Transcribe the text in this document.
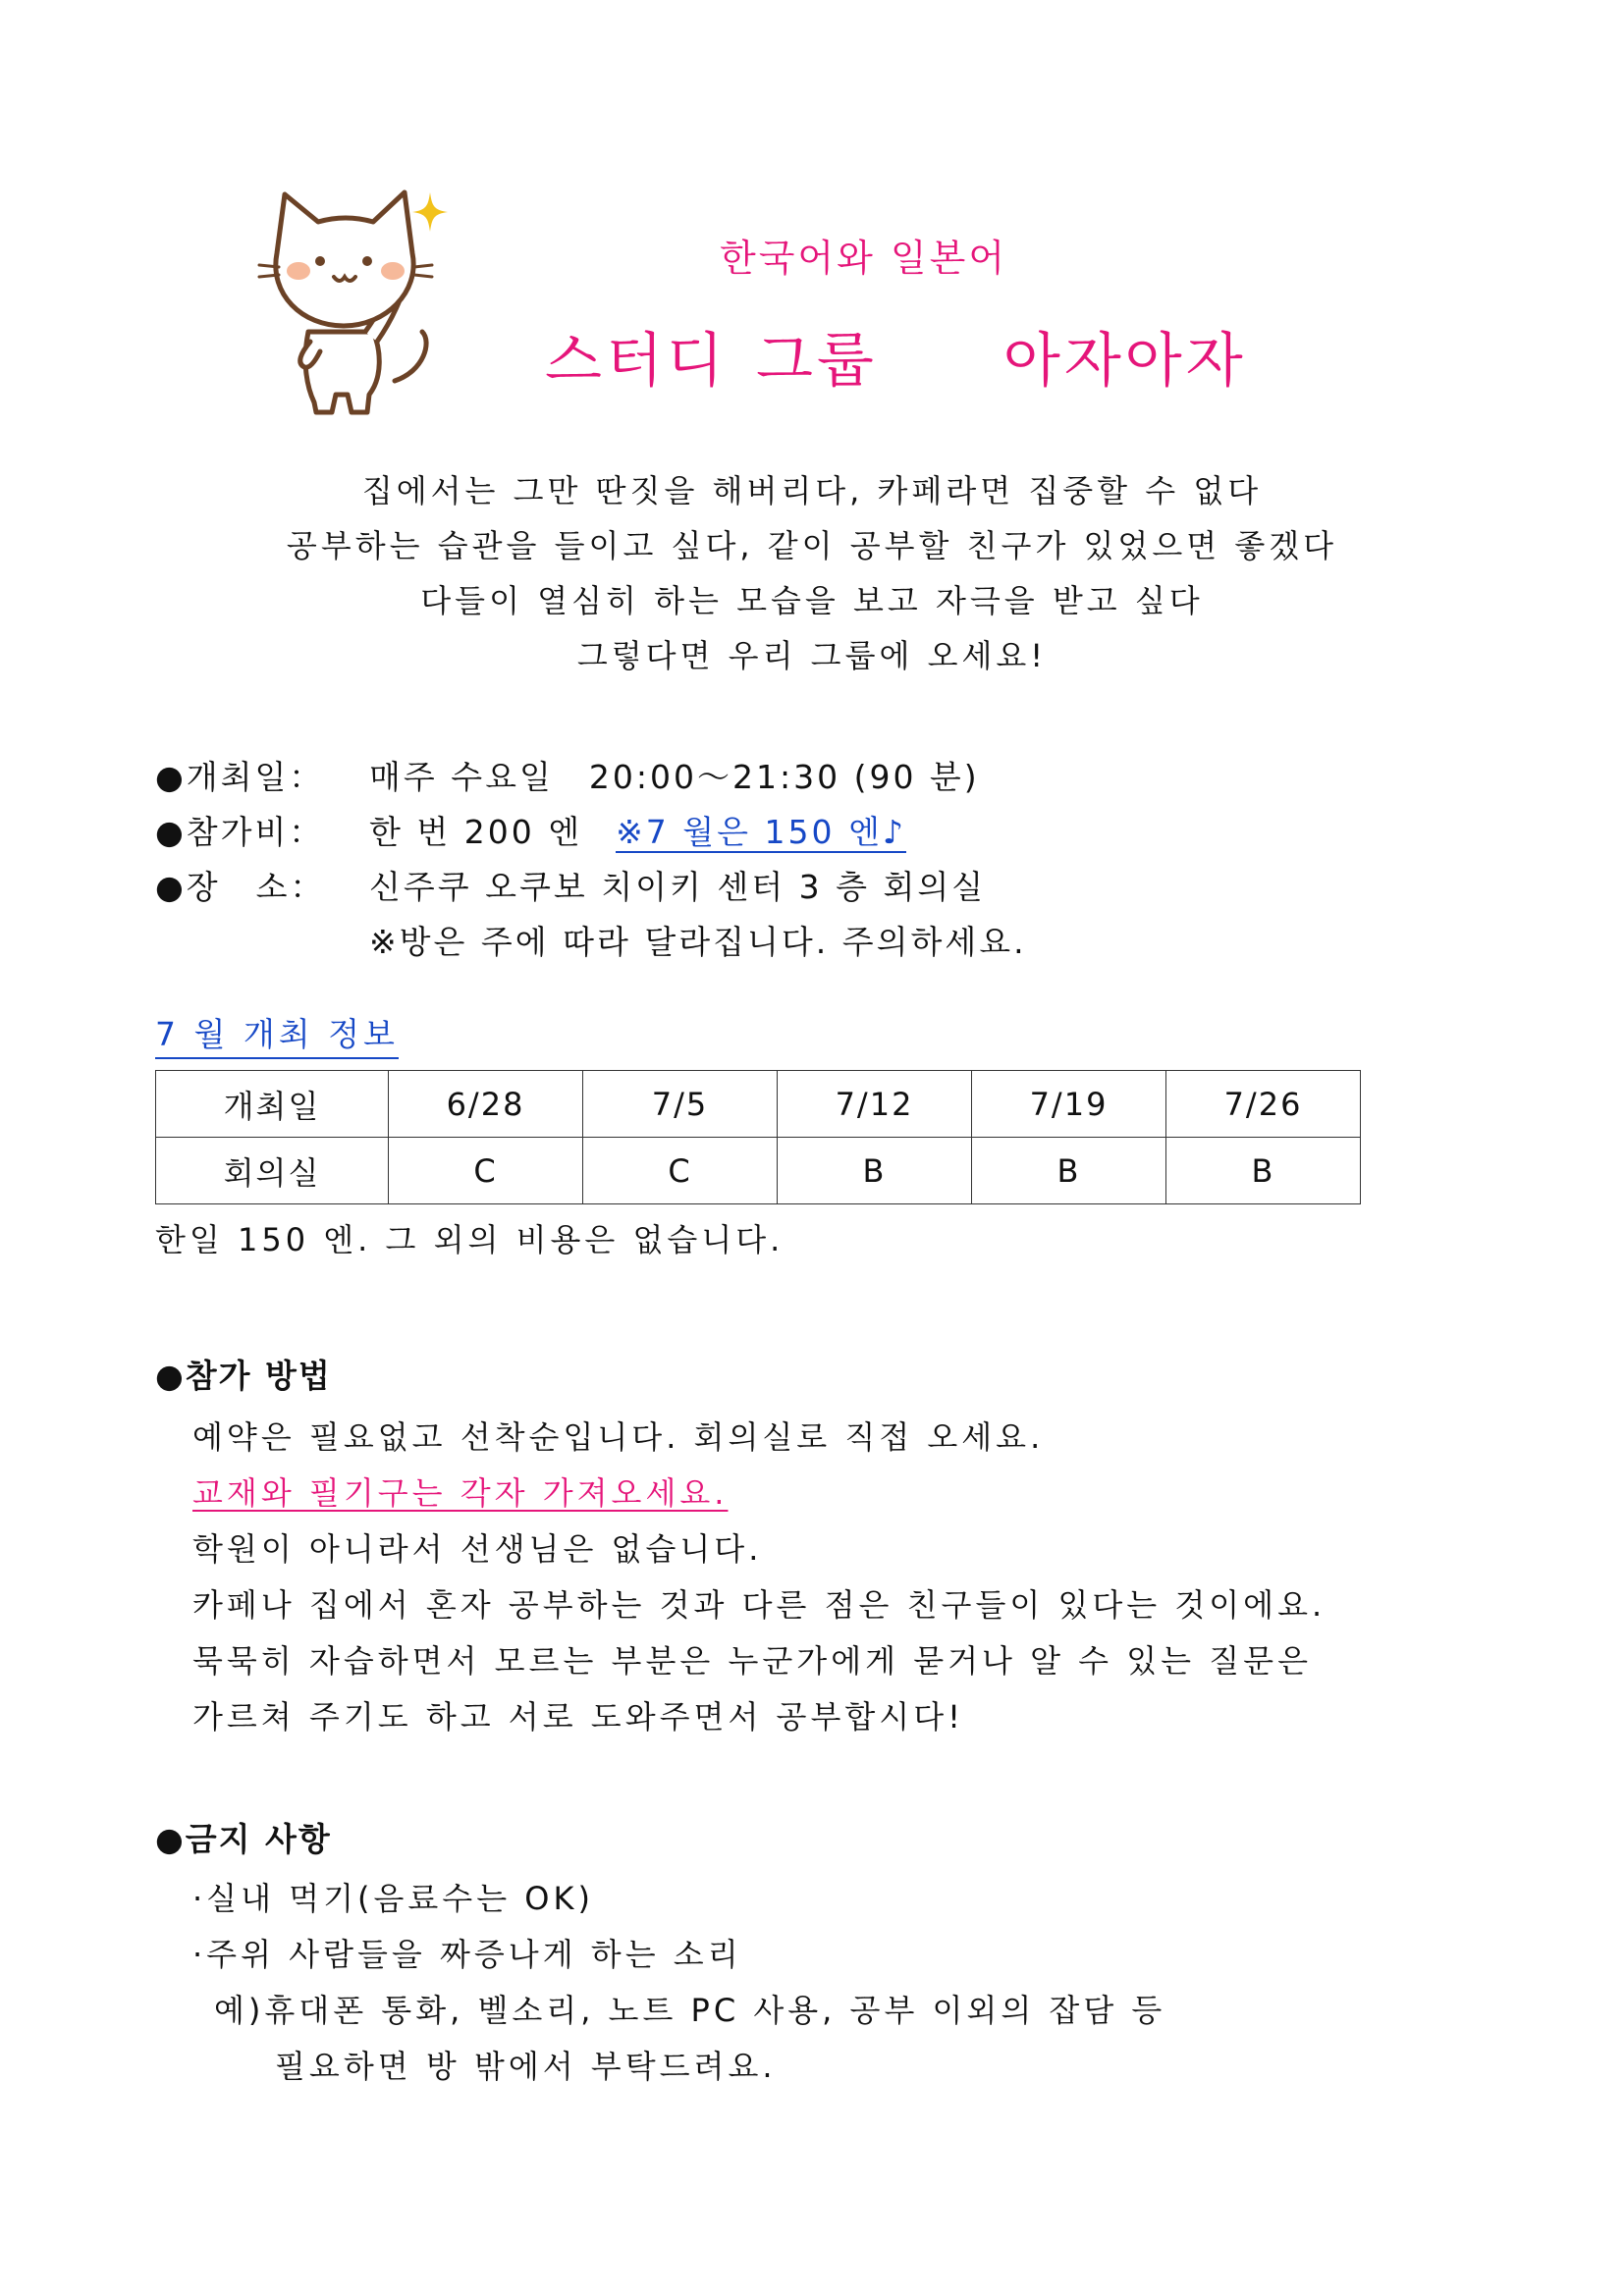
한국어와 일본어
스터디 그룹　　아자아자
집에서는 그만 딴짓을 해버리다, 카페라면 집중할 수 없다
공부하는 습관을 들이고 싶다, 같이 공부할 친구가 있었으면 좋겠다
다들이 열심히 하는 모습을 보고 자극을 받고 싶다
그렇다면 우리 그룹에 오세요!
●개최일： 매주 수요일　20:00～21:30 (90 분)
●참가비： 한 번 200 엔 ※7 월은 150 엔♪
●장　소： 신주쿠 오쿠보 치이키 센터 3 층 회의실
※방은 주에 따라 달라집니다. 주의하세요.
7 월 개최 정보
개최일	6/28	7/5	7/12	7/19	7/26
회의실	C	C	B	B	B
한일 150 엔. 그 외의 비용은 없습니다.
●참가 방법
예약은 필요없고 선착순입니다. 회의실로 직접 오세요.
교재와 필기구는 각자 가져오세요.
학원이 아니라서 선생님은 없습니다.
카페나 집에서 혼자 공부하는 것과 다른 점은 친구들이 있다는 것이에요.
묵묵히 자습하면서 모르는 부분은 누군가에게 묻거나 알 수 있는 질문은
가르쳐 주기도 하고 서로 도와주면서 공부합시다!
●금지 사항
·실내 먹기(음료수는 OK)
·주위 사람들을 짜증나게 하는 소리
예)휴대폰 통화, 벨소리, 노트 PC 사용, 공부 이외의 잡담 등
필요하면 방 밖에서 부탁드려요.
